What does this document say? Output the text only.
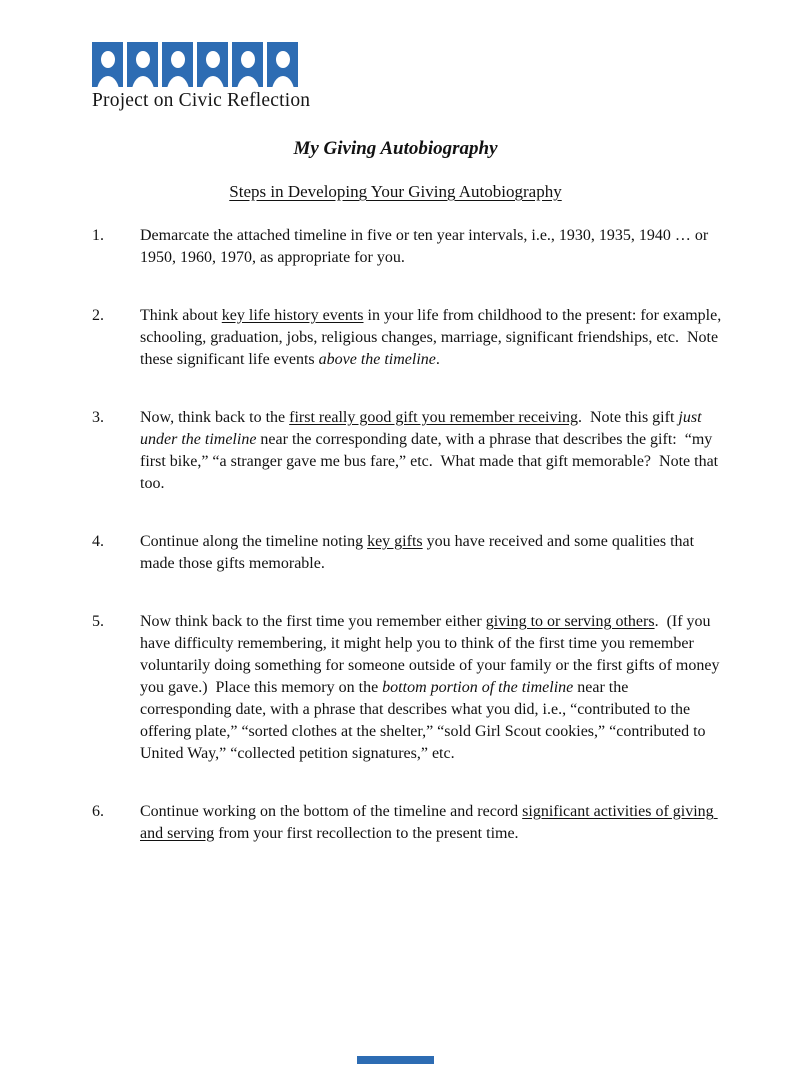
Project on Civic Reflection
My Giving Autobiography
Steps in Developing Your Giving Autobiography
1.	Demarcate the attached timeline in five or ten year intervals, i.e., 1930, 1935, 1940 … or 1950, 1960, 1970, as appropriate for you.
2.	Think about key life history events in your life from childhood to the present: for example, schooling, graduation, jobs, religious changes, marriage, significant friendships, etc.  Note these significant life events above the timeline.
3.	Now, think back to the first really good gift you remember receiving.  Note this gift just under the timeline near the corresponding date, with a phrase that describes the gift:  “my first bike,” “a stranger gave me bus fare,” etc.  What made that gift memorable?  Note that too.
4.	Continue along the timeline noting key gifts you have received and some qualities that made those gifts memorable.
5.	Now think back to the first time you remember either giving to or serving others.  (If you have difficulty remembering, it might help you to think of the first time you remember voluntarily doing something for someone outside of your family or the first gifts of money you gave.)  Place this memory on the bottom portion of the timeline near the corresponding date, with a phrase that describes what you did, i.e., “contributed to the offering plate,” “sorted clothes at the shelter,” “sold Girl Scout cookies,” “contributed to United Way,” “collected petition signatures,” etc.
6.	Continue working on the bottom of the timeline and record significant activities of giving and serving from your first recollection to the present time.
